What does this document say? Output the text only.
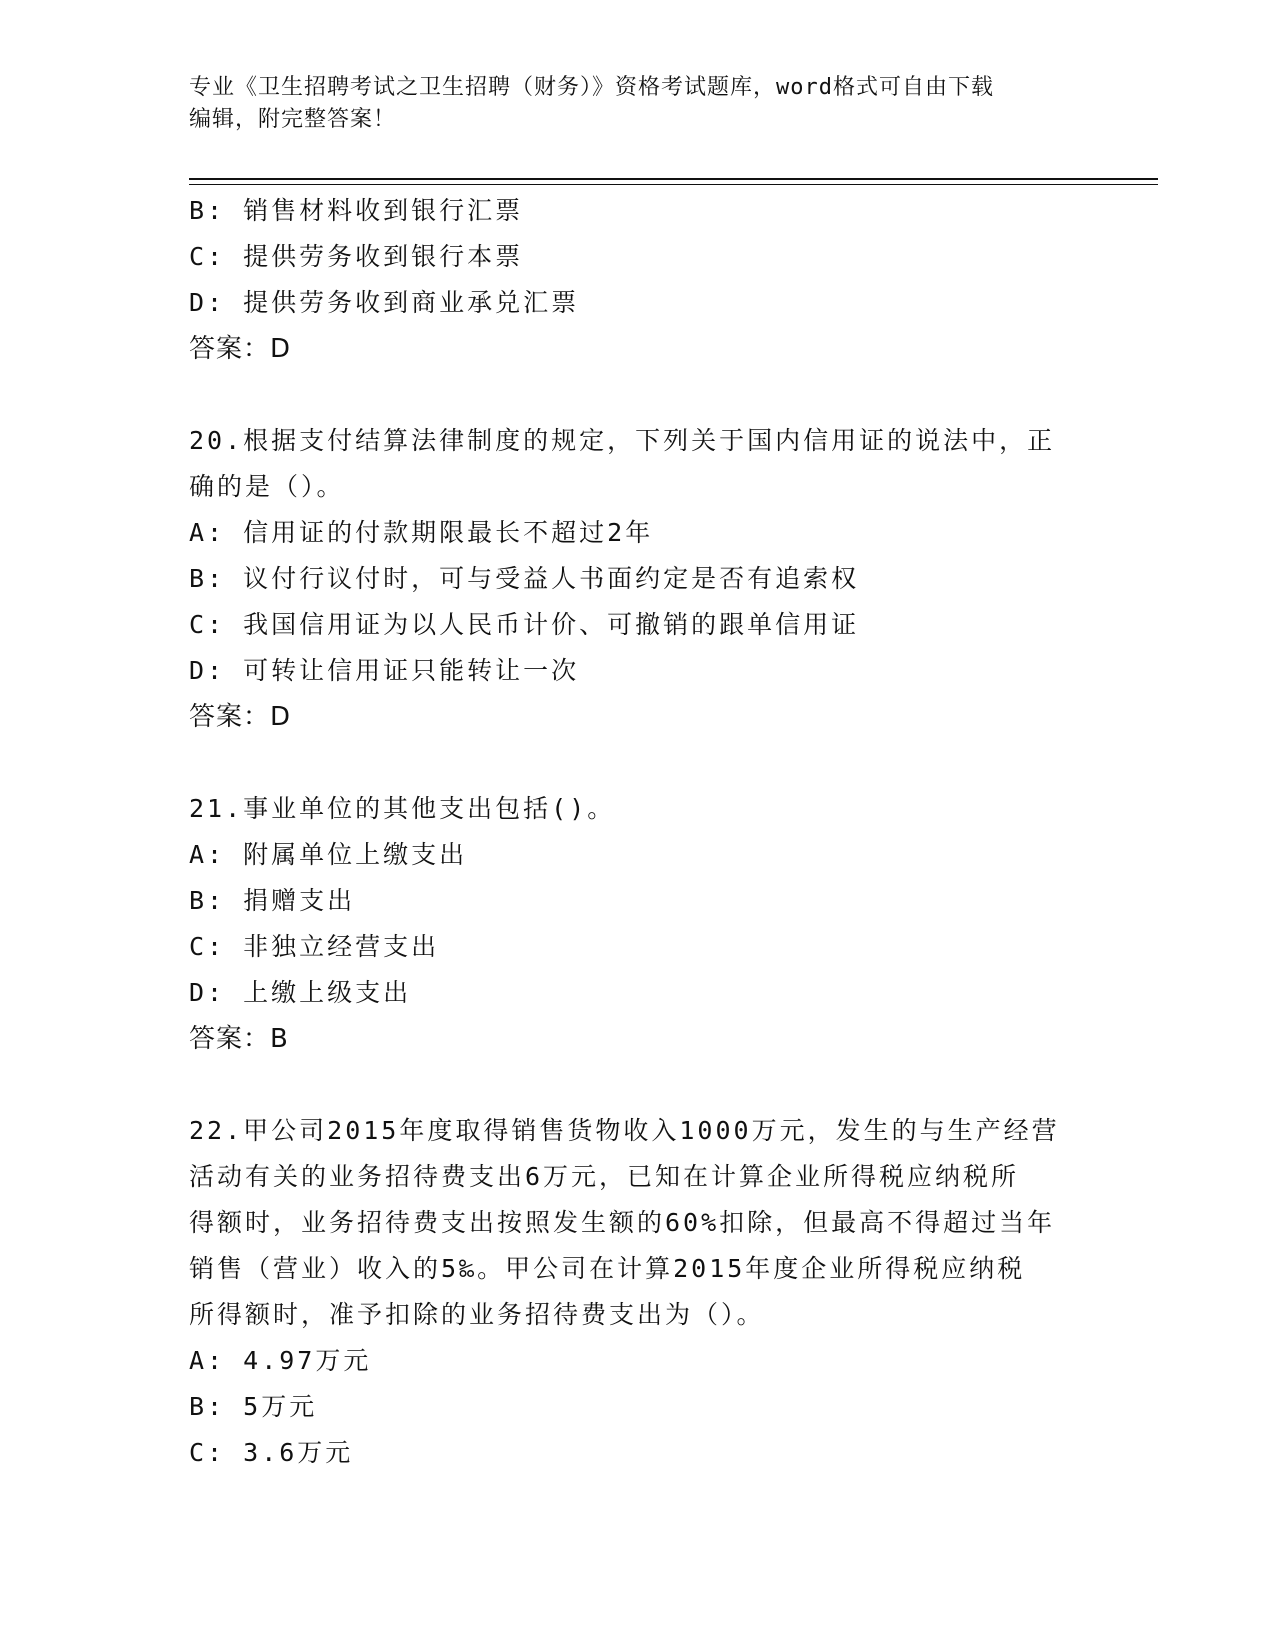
专业《卫生招聘考试之卫生招聘（财务）》资格考试题库，word格式可自由下载
编辑，附完整答案！
B: 销售材料收到银行汇票
C: 提供劳务收到银行本票
D: 提供劳务收到商业承兑汇票
答案：D
20.根据支付结算法律制度的规定，下列关于国内信用证的说法中，正
确的是（）。
A: 信用证的付款期限最长不超过2年
B: 议付行议付时，可与受益人书面约定是否有追索权
C: 我国信用证为以人民币计价、可撤销的跟单信用证
D: 可转让信用证只能转让一次
答案：D
21.事业单位的其他支出包括()。
A: 附属单位上缴支出
B: 捐赠支出
C: 非独立经营支出
D: 上缴上级支出
答案：B
22.甲公司2015年度取得销售货物收入1000万元，发生的与生产经营
活动有关的业务招待费支出6万元，已知在计算企业所得税应纳税所
得额时，业务招待费支出按照发生额的60%扣除，但最高不得超过当年
销售（营业）收入的5‰。甲公司在计算2015年度企业所得税应纳税
所得额时，准予扣除的业务招待费支出为（）。
A: 4.97万元
B: 5万元
C: 3.6万元
